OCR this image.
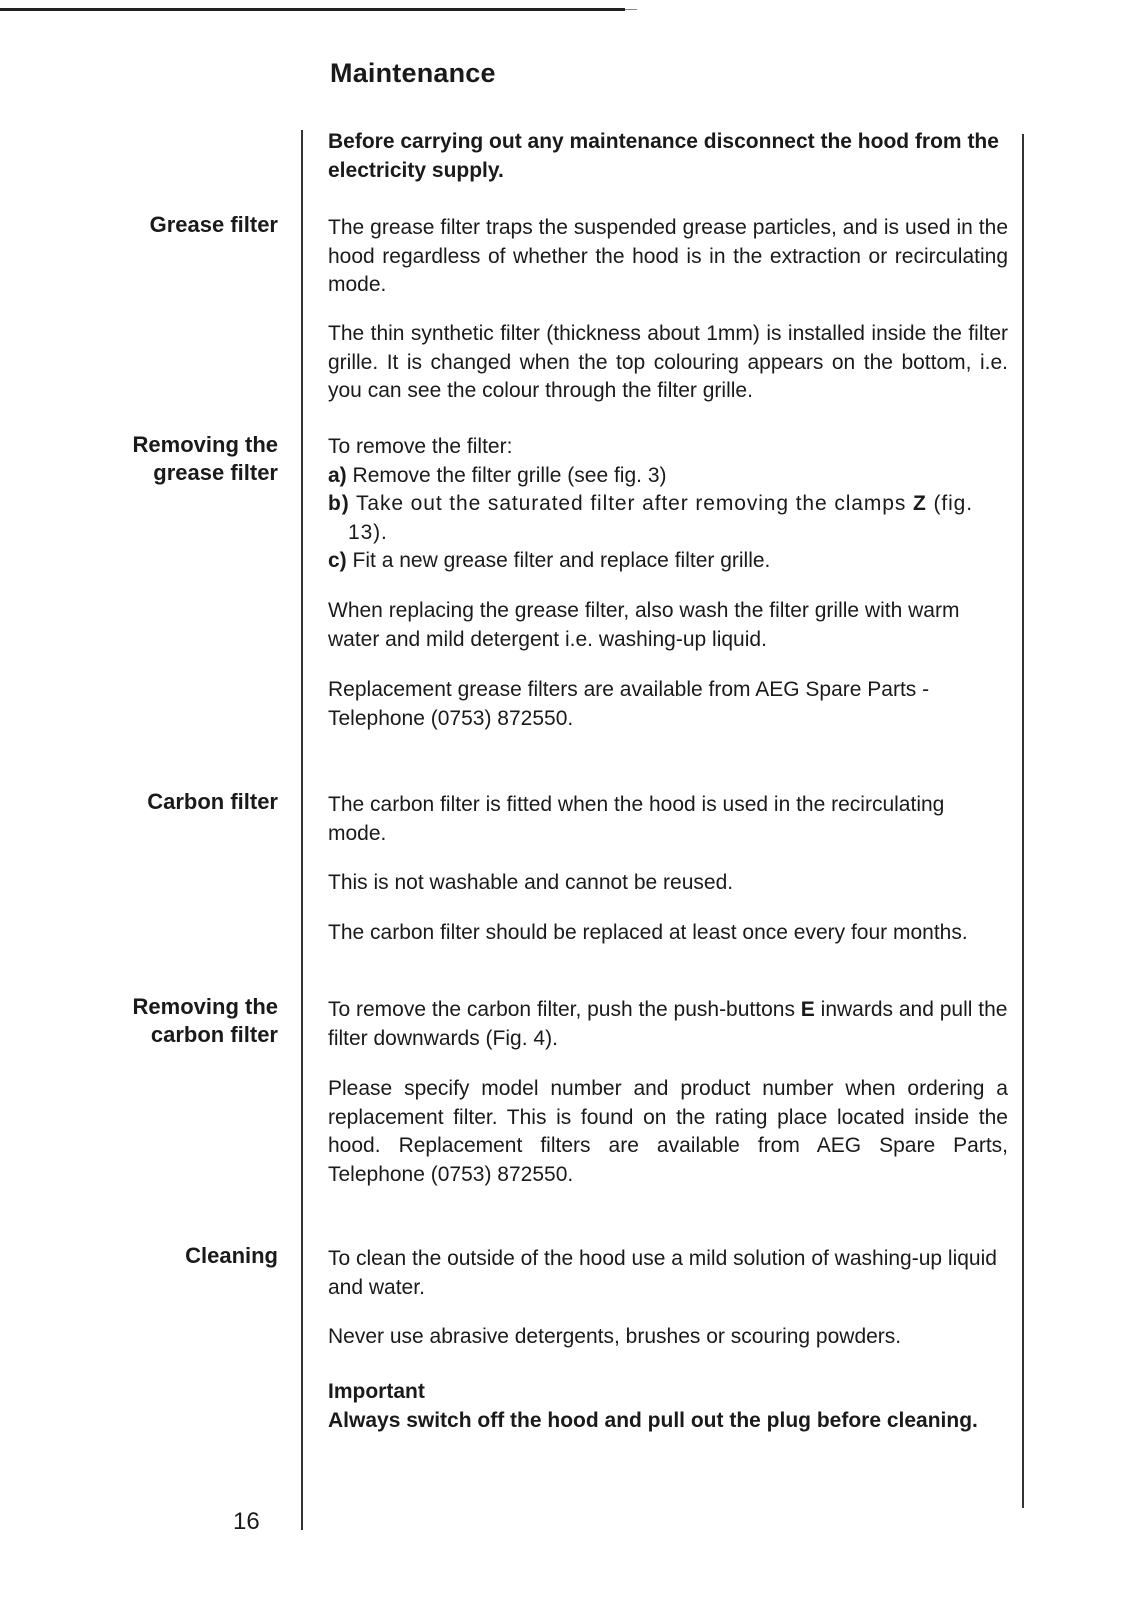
Maintenance

Before carrying out any maintenance disconnect the hood from the electricity supply.

Grease filter The grease filter traps the suspended grease particles, and is used in the hood regardless of whether the hood is in the extraction or recirculating mode.

The thin synthetic filter (thickness about 1mm) is installed inside the filter grille. It is changed when the top colouring appears on the bottom, i.e. you can see the colour through the filter grille.

Removing the
grease filter

To remove the filter:

a) Remove the filter grille (see fig. 3)

b) Take out the saturated filter after removing the clamps Z (fig. 13).

c) Fit a new grease filter and replace filter grille.

When replacing the grease filter, also wash the filter grille with warm water and mild detergent i.e. washing-up liquid.

Replacement grease filters are available from AEG Spare Parts - Telephone (0753) 872550.

Carbon filter The carbon filter is fitted when the hood is used in the recirculating mode.

This is not washable and cannot be reused.

The carbon filter should be replaced at least once every four months.

Removing the
carbon filter

To remove the carbon filter, push the push-buttons E inwards and pull the filter downwards (Fig. 4).

Please specify model number and product number when ordering a replacement filter. This is found on the rating place located inside the hood. Replacement filters are available from AEG Spare Parts, Telephone (0753) 872550.

Cleaning To clean the outside of the hood use a mild solution of washing-up liquid and water.

Never use abrasive detergents, brushes or scouring powders.

Important

Always switch off the hood and pull out the plug before cleaning.

16
